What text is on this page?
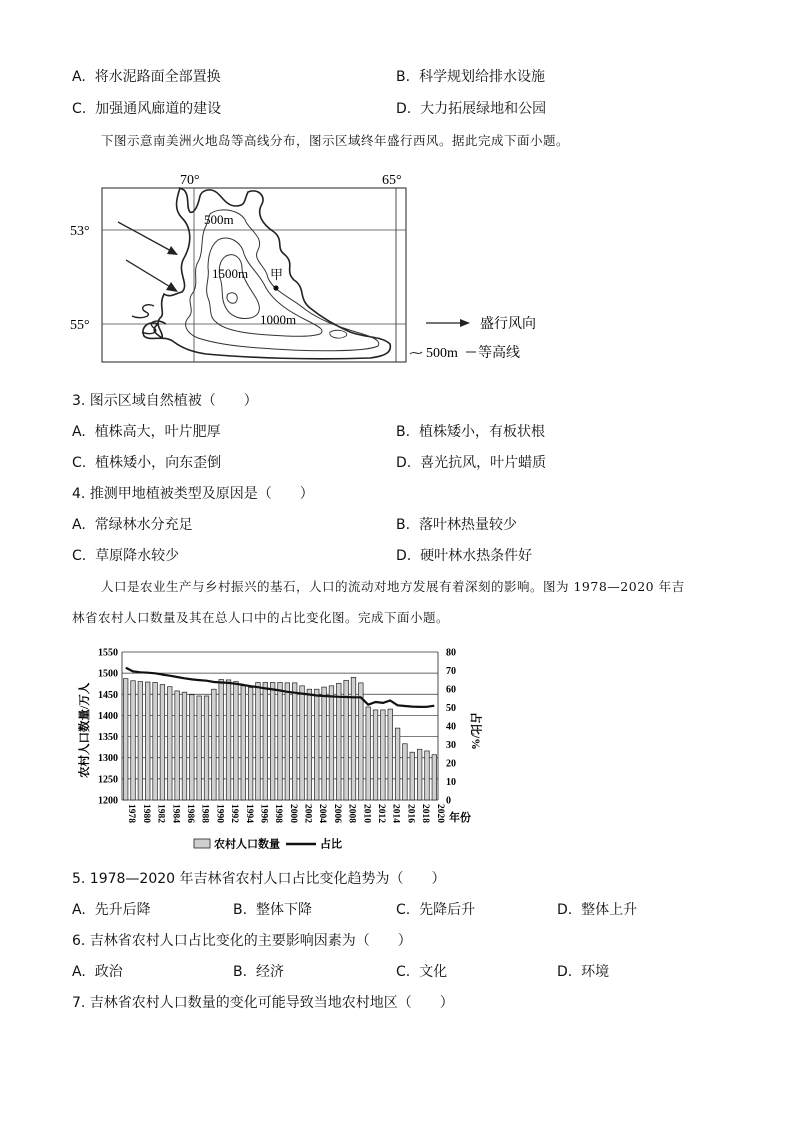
A. 将水泥路面全部置换	B. 科学规划给排水设施
C. 加强通风廊道的建设	D. 大力拓展绿地和公园
下图示意南美洲火地岛等高线分布，图示区域终年盛行西风。据此完成下面小题。
70°	65°
53°
55°
500m
1500m
1000m
甲
盛行风向
500m 等高线
3. 图示区域自然植被（　　）
A. 植株高大，叶片肥厚	B. 植株矮小，有板状根
C. 植株矮小，向东歪倒	D. 喜光抗风，叶片蜡质
4. 推测甲地植被类型及原因是（　　）
A. 常绿林水分充足	B. 落叶林热量较少
C. 草原降水较少	D. 硬叶林水热条件好
人口是农业生产与乡村振兴的基石，人口的流动对地方发展有着深刻的影响。图为 1978—2020 年吉
林省农村人口数量及其在总人口中的占比变化图。完成下面小题。
1200
1250
1300
1350
1400
1450
1500
1550
0
10
20
30
40
50
60
70
80
1978 1980 1982 1984 1986 1988 1990 1992 1994 1996 1998 2000 2002 2004 2006 2008 2010 2012 2014 2016 2018 2020
农村人口数量/万人	占比/%
年份
农村人口数量	占比
5. 1978—2020 年吉林省农村人口占比变化趋势为（　　）
A. 先升后降	B. 整体下降	C. 先降后升	D. 整体上升
6. 吉林省农村人口占比变化的主要影响因素为（　　）
A. 政治	B. 经济	C. 文化	D. 环境
7. 吉林省农村人口数量的变化可能导致当地农村地区（　　）
